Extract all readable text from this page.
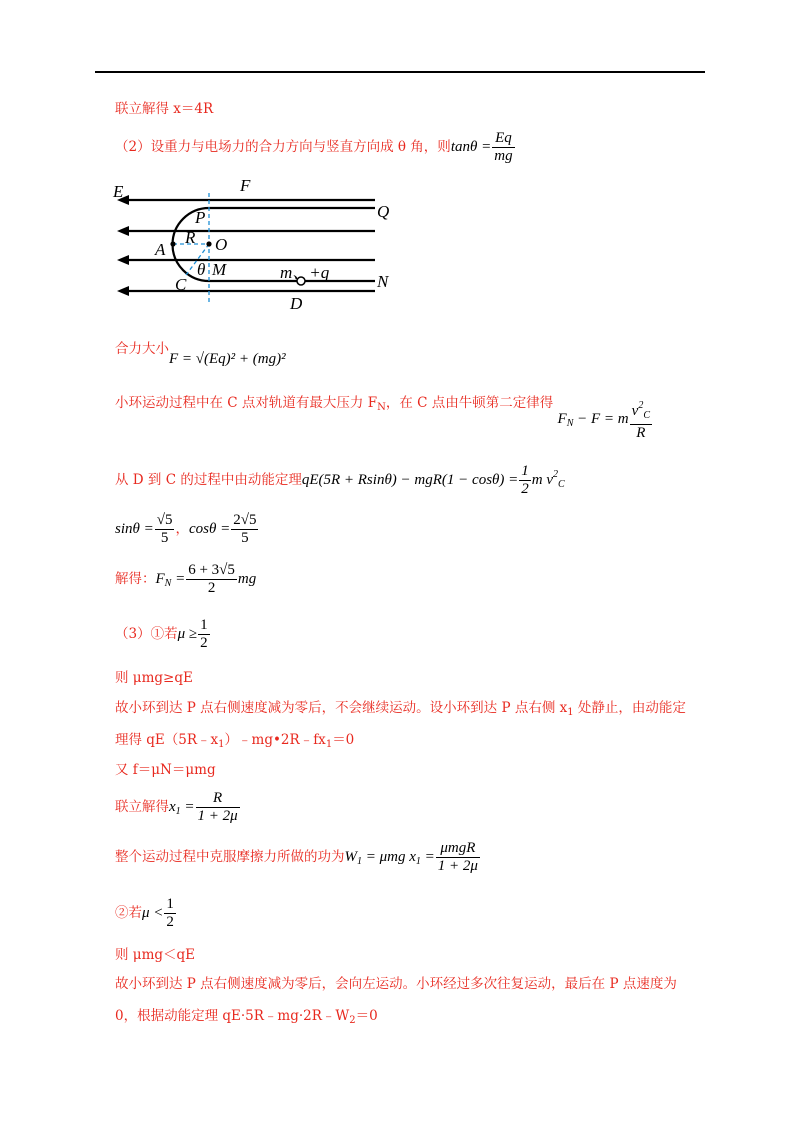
联立解得 x＝4R
（2）设重力与电场力的合力方向与竖直方向成 θ 角，则$\tan\theta = \frac{Eq}{mg}$
E	F
Q
P
R
A	O
θ M	m、+q
C	N
D
合力大小F = √(Eq)² + (mg)²
小环运动过程中在 C 点对轨道有最大压力 $F_N$，在 C 点由牛顿第二定律得 $F_N - F = m \frac{v^2_C}{R}$
从 D 到 C 的过程中由动能定理$qE(5R + Rsin\theta) - mgR(1 - \cos\theta) = \frac{1}{2}$ m $v^2_C$
$\sin\theta = \frac{√5}{5}$ ，$\cos\theta = \frac{2√5}{5}$
解得：$F_N = \frac{6 + 3√5}{2}$ mg
（3）①若$\mu \ge \frac{1}{2}$
则 μmg≥qE
故小环到达 P 点右侧速度减为零后，不会继续运动。设小环到达 P 点右侧 $x_1$ 处静止，由动能定
理得 $qE(5R﹣x_1)﹣mg•2R﹣fx_1=0$
又 f＝μN＝μmg
联立解得$x_1 = \frac{R}{1 + 2\mu}$
整个运动过程中克服摩擦力所做的功为$W_1 = \mu mg$ $x_1 = \frac{\text{μmgR}}{1 + 2\mu}$
②若$\mu < \frac{1}{2}$
则 μmg＜qE
故小环到达 P 点右侧速度减为零后，会向左运动。小环经过多次往复运动，最后在 P 点速度为
0，根据动能定理 $qE\cdot 5R﹣mg\cdot 2R﹣W_2=0$
